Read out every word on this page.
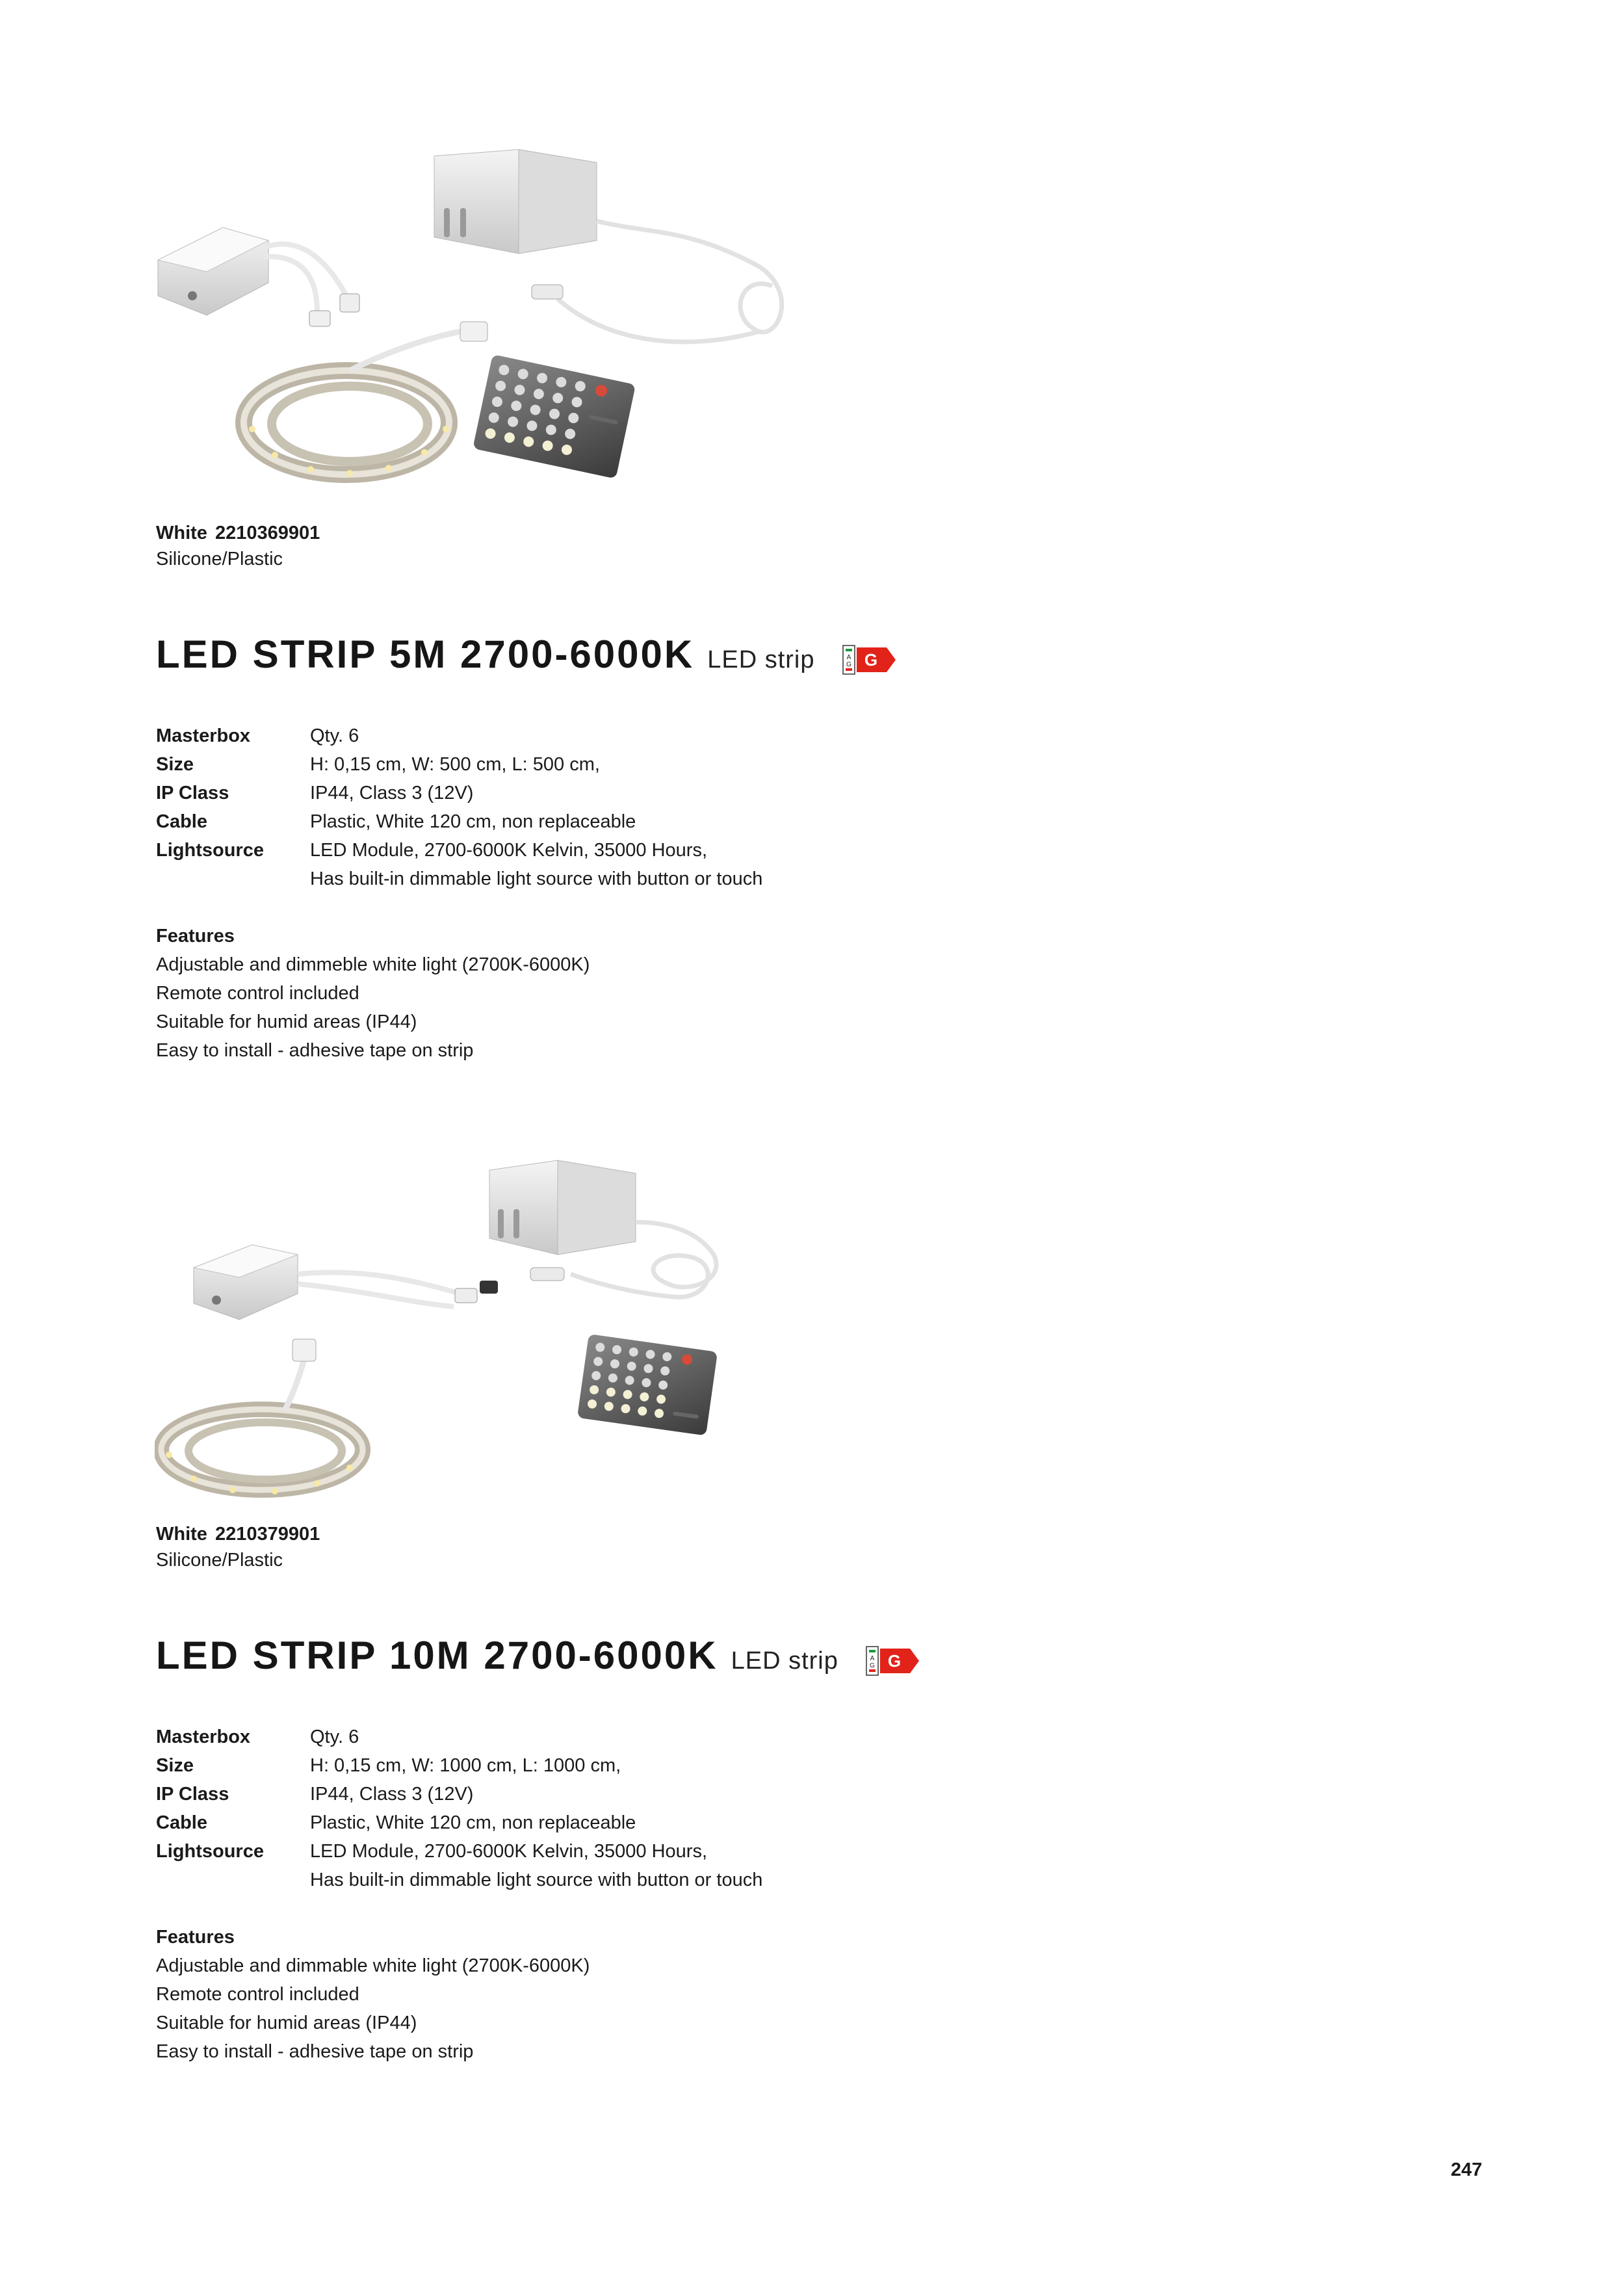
White 2210369901
Silicone/Plastic
LED STRIP 5M 2700-6000K LED strip	A
G G
Masterbox	Qty. 6
Size	H: 0,15 cm, W: 500 cm, L: 500 cm,
IP Class	IP44, Class 3 (12V)
Cable	Plastic, White 120 cm, non replaceable
Lightsource	LED Module, 2700-6000K Kelvin, 35000 Hours,
Has built-in dimmable light source with button or touch
Features
Adjustable and dimmeble white light (2700K-6000K)
Remote control included
Suitable for humid areas (IP44)
Easy to install - adhesive tape on strip
White 2210379901
Silicone/Plastic
LED STRIP 10M 2700-6000K LED strip	A
G G
Masterbox	Qty. 6
Size	H: 0,15 cm, W: 1000 cm, L: 1000 cm,
IP Class	IP44, Class 3 (12V)
Cable	Plastic, White 120 cm, non replaceable
Lightsource	LED Module, 2700-6000K Kelvin, 35000 Hours,
Has built-in dimmable light source with button or touch
Features
Adjustable and dimmable white light (2700K-6000K)
Remote control included
Suitable for humid areas (IP44)
Easy to install - adhesive tape on strip
247
